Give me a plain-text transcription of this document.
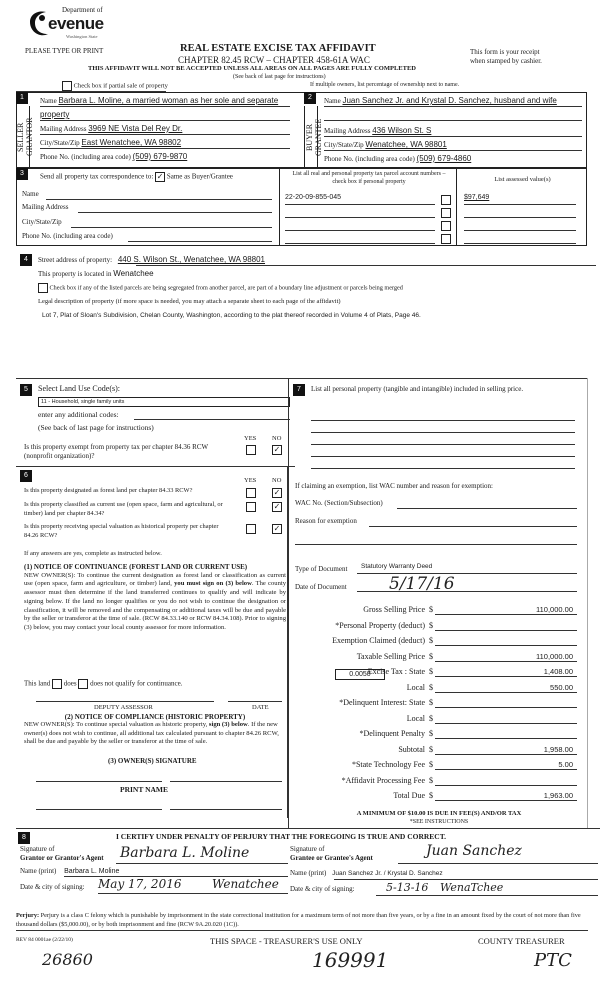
Department of
evenue
Washington State
PLEASE TYPE OR PRINT	REAL ESTATE EXCISE TAX AFFIDAVIT
CHAPTER 82.45 RCW – CHAPTER 458-61A WAC
THIS AFFIDAVIT WILL NOT BE ACCEPTED UNLESS ALL AREAS ON ALL PAGES ARE FULLY COMPLETED
(See back of last page for instructions)
This form is your receipt
when stamped by cashier.
Check box if partial sale of property	If multiple owners, list percentage of ownership next to name.
1
SELLER
GRANTOR
Name Barbara L. Moline, a married woman as her sole and separate
property
Mailing Address 3969 NE Vista Del Rey Dr.
City/State/Zip East Wenatchee, WA 98802
Phone No. (including area code) (509) 679-9870
2
BUYER
GRANTEE
Name Juan Sanchez Jr. and Krystal D. Sanchez, husband and wife
Mailing Address 436 Wilson St. S
City/State/Zip Wenatchee, WA 98801
Phone No. (including area code) (509) 679-4860
3	Send all property tax correspondence to: ✓ Same as Buyer/Grantee
Name
Mailing Address
City/State/Zip
Phone No. (including area code)
List all real and personal property tax parcel account numbers – check box if personal property
22-20-09-855-045
List assessed value(s)
$97,649
4	Street address of property: 440 S. Wilson St., Wenatchee, WA 98801
This property is located in Wenatchee
Check box if any of the listed parcels are being segregated from another parcel, are part of a boundary line adjustment or parcels being merged
Legal description of property (if more space is needed, you may attach a separate sheet to each page of the affidavit)
Lot 7, Plat of Sloan's Subdivision, Chelan County, Washington, according to the plat thereof recorded in Volume 4 of Plats, Page 46.
5	Select Land Use Code(s):
11 - Household, single family units
enter any additional codes:
(See back of last page for instructions)
YES NO
Is this property exempt from property tax per chapter 84.36 RCW (nonprofit organization)?
✓
6
YES NO
Is this property designated as forest land per chapter 84.33 RCW?	✓
Is this property classified as current use (open space, farm and agricultural, or timber) land per chapter 84.34?
✓
Is this property receiving special valuation as historical property per chapter 84.26 RCW?
✓
If any answers are yes, complete as instructed below.
(1) NOTICE OF CONTINUANCE (FOREST LAND OR CURRENT USE)
NEW OWNER(S): To continue the current designation as forest land or classification as current use (open space, farm and agriculture, or timber) land, you must sign on (3) below. The county assessor must then determine if the land transferred continues to qualify and will indicate by signing below. If the land no longer qualifies or you do not wish to continue the designation or classification, it will be removed and the compensating or additional taxes will be due and payable by the seller or transferor at the time of sale. (RCW 84.33.140 or RCW 84.34.108). Prior to signing (3) below, you may contact your local county assessor for more information.
This land does does not qualify for continuance.
DEPUTY ASSESSOR	DATE
(2) NOTICE OF COMPLIANCE (HISTORIC PROPERTY)
NEW OWNER(S): To continue special valuation as historic property, sign (3) below. If the new owner(s) does not wish to continue, all additional tax calculated pursuant to chapter 84.26 RCW, shall be due and payable by the seller or transferor at the time of sale.
(3) OWNER(S) SIGNATURE
PRINT NAME
7	List all personal property (tangible and intangible) included in selling price.
If claiming an exemption, list WAC number and reason for exemption:
WAC No. (Section/Subsection)
Reason for exemption
Type of Document Statutory Warranty Deed
Date of Document 5/17/16
0.0050
Gross Selling Price $	110,000.00
*Personal Property (deduct) $
Exemption Claimed (deduct) $
Taxable Selling Price $	110,000.00
Excise Tax : State $	1,408.00
Local $	550.00
*Delinquent Interest: State $
Local $
*Delinquent Penalty $
Subtotal $	1,958.00
*State Technology Fee $	5.00
*Affidavit Processing Fee $
Total Due $	1,963.00
A MINIMUM OF $10.00 IS DUE IN FEE(S) AND/OR TAX
*SEE INSTRUCTIONS
8	I CERTIFY UNDER PENALTY OF PERJURY THAT THE FOREGOING IS TRUE AND CORRECT.
Signature of
Grantor or Grantor's Agent Barbara L. Moline
Name (print) Barbara L. Moline
Date & city of signing: May 17, 2016	Wenatchee
Signature of
Grantee or Grantee's Agent	Juan Sanchez
Name (print) Juan Sanchez Jr. / Krystal D. Sanchez
Date & city of signing:	5-13-16 WenaTchee
Perjury: Perjury is a class C felony which is punishable by imprisonment in the state correctional institution for a maximum term of not more than five years, or by a fine in an amount fixed by the court of not more than five thousand dollars ($5,000.00), or by both imprisonment and fine (RCW 9A.20.020 (1C)).
REV 84 0001ae (2/22/10)	THIS SPACE - TREASURER'S USE ONLY	COUNTY TREASURER
26860	169991	PTC
